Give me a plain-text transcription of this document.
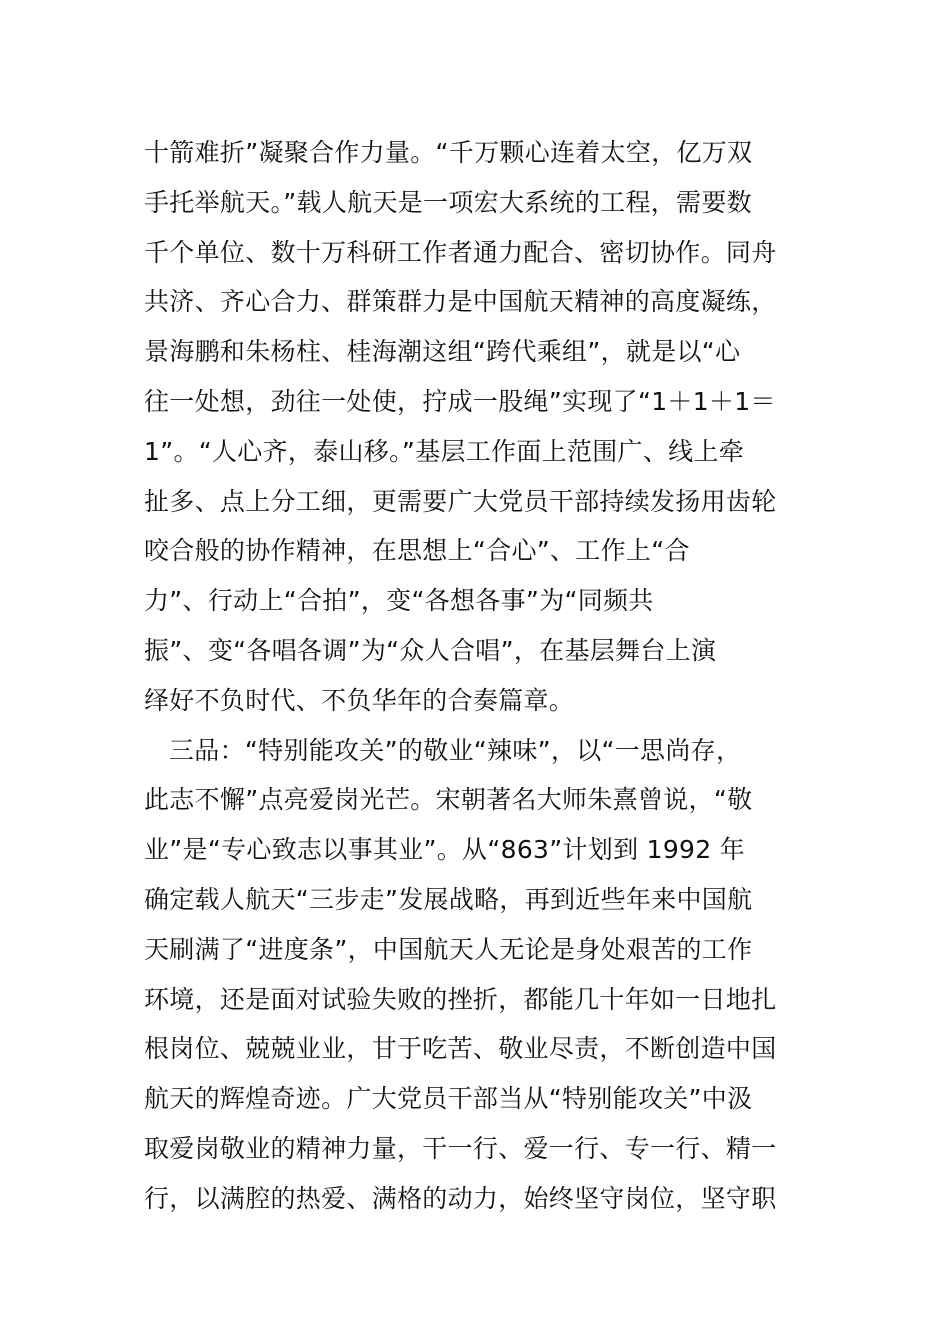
十箭难折”凝聚合作力量。“千万颗心连着太空，亿万双
手托举航天。”载人航天是一项宏大系统的工程，需要数
千个单位、数十万科研工作者通力配合、密切协作。同舟
共济、齐心合力、群策群力是中国航天精神的高度凝练，
景海鹏和朱杨柱、桂海潮这组“跨代乘组”，就是以“心
往一处想，劲往一处使，拧成一股绳”实现了“1＋1＋1＝
1”。“人心齐，泰山移。”基层工作面上范围广、线上牵
扯多、点上分工细，更需要广大党员干部持续发扬用齿轮
咬合般的协作精神，在思想上“合心”、工作上“合
力”、行动上“合拍”，变“各想各事”为“同频共
振”、变“各唱各调”为“众人合唱”，在基层舞台上演
绎好不负时代、不负华年的合奏篇章。
三品：“特别能攻关”的敬业“辣味”，以“一思尚存，
此志不懈”点亮爱岗光芒。宋朝著名大师朱熹曾说，“敬
业”是“专心致志以事其业”。从“863”计划到 1992 年
确定载人航天“三步走”发展战略，再到近些年来中国航
天刷满了“进度条”，中国航天人无论是身处艰苦的工作
环境，还是面对试验失败的挫折，都能几十年如一日地扎
根岗位、兢兢业业，甘于吃苦、敬业尽责，不断创造中国
航天的辉煌奇迹。广大党员干部当从“特别能攻关”中汲
取爱岗敬业的精神力量，干一行、爱一行、专一行、精一
行，以满腔的热爱、满格的动力，始终坚守岗位，坚守职
